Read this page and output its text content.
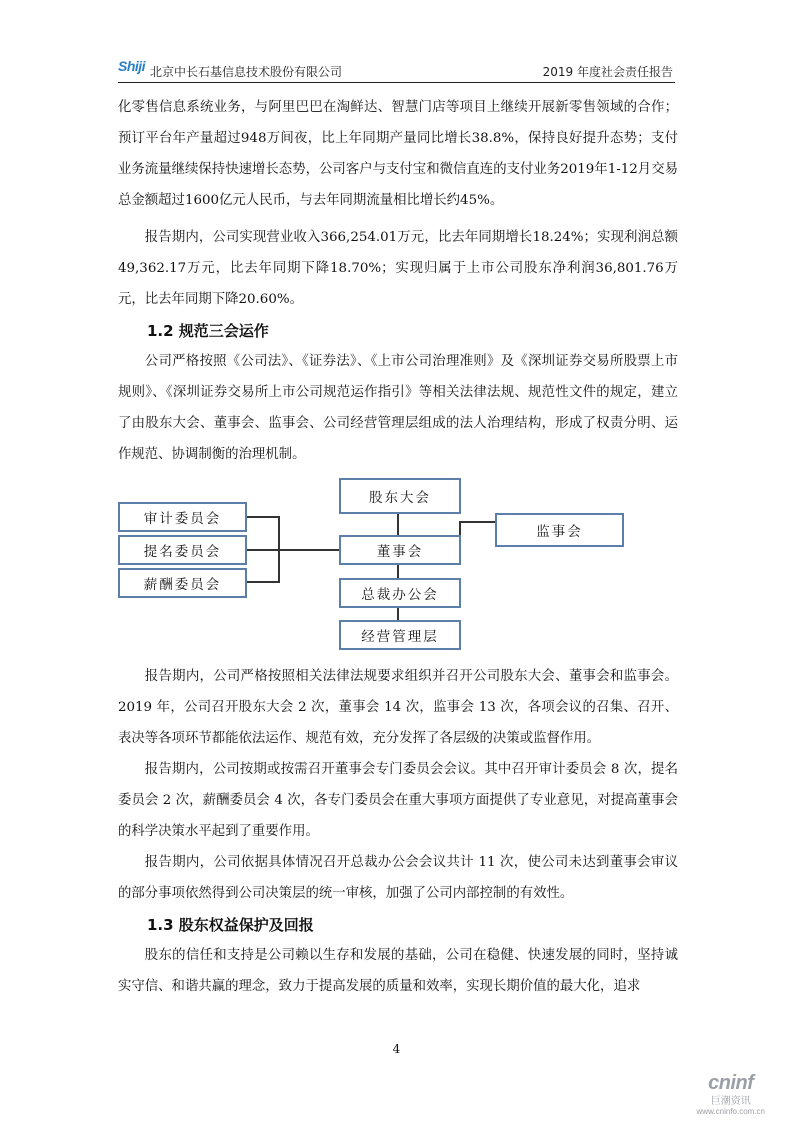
Shiji 北京中长石基信息技术股份有限公司	2019 年度社会责任报告

化零售信息系统业务，与阿里巴巴在淘鲜达、智慧门店等项目上继续开展新零售领域的合作；预订平台年产量超过948万间夜，比上年同期产量同比增长38.8%，保持良好提升态势；支付业务流量继续保持快速增长态势，公司客户与支付宝和微信直连的支付业务2019年1-12月交易总金额超过1600亿元人民币，与去年同期流量相比增长约45%。

报告期内，公司实现营业收入366,254.01万元，比去年同期增长18.24%；实现利润总额49,362.17万元，比去年同期下降18.70%；实现归属于上市公司股东净利润36,801.76万元，比去年同期下降20.60%。

1.2 规范三会运作

公司严格按照《公司法》、《证券法》、《上市公司治理准则》及《深圳证券交易所股票上市规则》、《深圳证券交易所上市公司规范运作指引》等相关法律法规、规范性文件的规定，建立了由股东大会、董事会、监事会、公司经营管理层组成的法人治理结构，形成了权责分明、运作规范、协调制衡的治理机制。

股东大会
审计委员会
监事会
提名委员会	董事会
薪酬委员会
总裁办公会
经营管理层

报告期内，公司严格按照相关法律法规要求组织并召开公司股东大会、董事会和监事会。2019 年，公司召开股东大会 2 次，董事会 14 次，监事会 13 次，各项会议的召集、召开、表决等各项环节都能依法运作、规范有效，充分发挥了各层级的决策或监督作用。

报告期内，公司按期或按需召开董事会专门委员会会议。其中召开审计委员会 8 次，提名委员会 2 次，薪酬委员会 4 次，各专门委员会在重大事项方面提供了专业意见，对提高董事会的科学决策水平起到了重要作用。

报告期内，公司依据具体情况召开总裁办公会会议共计 11 次，使公司未达到董事会审议的部分事项依然得到公司决策层的统一审核，加强了公司内部控制的有效性。

1.3 股东权益保护及回报

股东的信任和支持是公司赖以生存和发展的基础，公司在稳健、快速发展的同时，坚持诚实守信、和谐共赢的理念，致力于提高发展的质量和效率，实现长期价值的最大化，追求

4
cninf
巨潮资讯
www.cninfo.com.cn
